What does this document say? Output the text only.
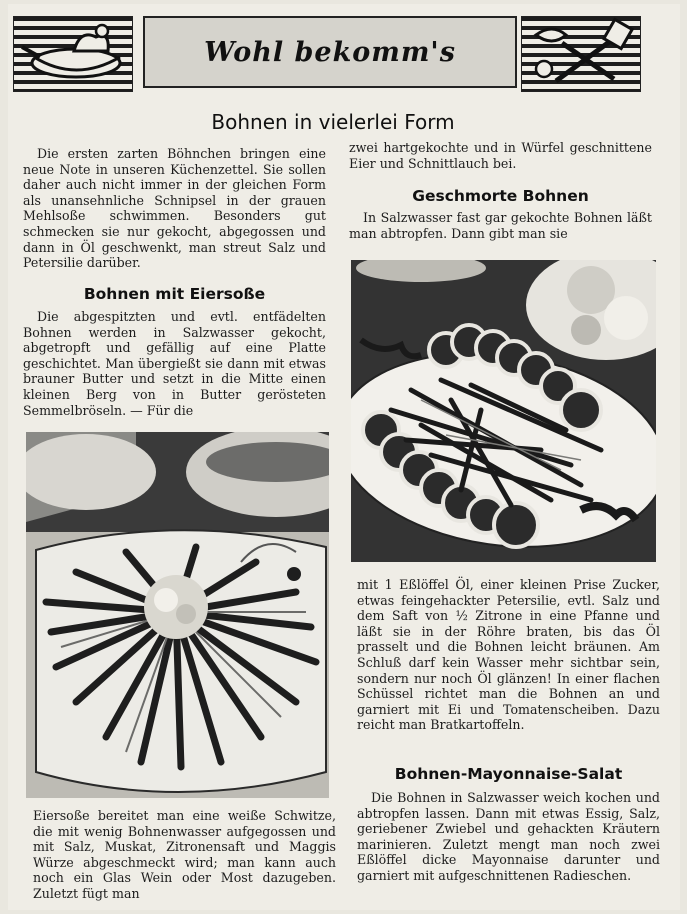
Wohl bekomm's
Bohnen in vielerlei Form
Die ersten zarten Böhnchen bringen eine neue Note in unseren Küchenzettel. Sie sollen daher auch nicht immer in der gleichen Form als unansehnliche Schnipsel in der grauen Mehlsoße schwimmen. Besonders gut schmecken sie nur gekocht, abgegossen und dann in Öl geschwenkt, man streut Salz und Petersilie darüber.
Bohnen mit Eiersoße
Die abgespitzten und evtl. entfädelten Bohnen werden in Salzwasser gekocht, abgetropft und gefällig auf eine Platte geschichtet. Man übergießt sie dann mit etwas brauner Butter und setzt in die Mitte einen kleinen Berg von in Butter gerösteten Semmelbröseln. — Für die
Eiersoße bereitet man eine weiße Schwitze, die mit wenig Bohnenwasser aufgegossen und mit Salz, Muskat, Zitronensaft und Maggis Würze abgeschmeckt wird; man kann auch noch ein Glas Wein oder Most dazugeben. Zuletzt fügt man
zwei hartgekochte und in Würfel geschnittene Eier und Schnittlauch bei.
Geschmorte Bohnen
In Salzwasser fast gar gekochte Bohnen läßt man abtropfen. Dann gibt man sie
mit 1 Eßlöffel Öl, einer kleinen Prise Zucker, etwas feingehackter Petersilie, evtl. Salz und dem Saft von ½ Zitrone in eine Pfanne und läßt sie in der Röhre braten, bis das Öl prasselt und die Bohnen leicht bräunen. Am Schluß darf kein Wasser mehr sichtbar sein, sondern nur noch Öl glänzen! In einer flachen Schüssel richtet man die Bohnen an und garniert mit Ei und Tomatenscheiben. Dazu reicht man Bratkartoffeln.
Bohnen-Mayonnaise-Salat
Die Bohnen in Salzwasser weich kochen und abtropfen lassen. Dann mit etwas Essig, Salz, geriebener Zwiebel und gehackten Kräutern marinieren. Zuletzt mengt man noch zwei Eßlöffel dicke Mayonnaise darunter und garniert mit aufgeschnittenen Radieschen.
